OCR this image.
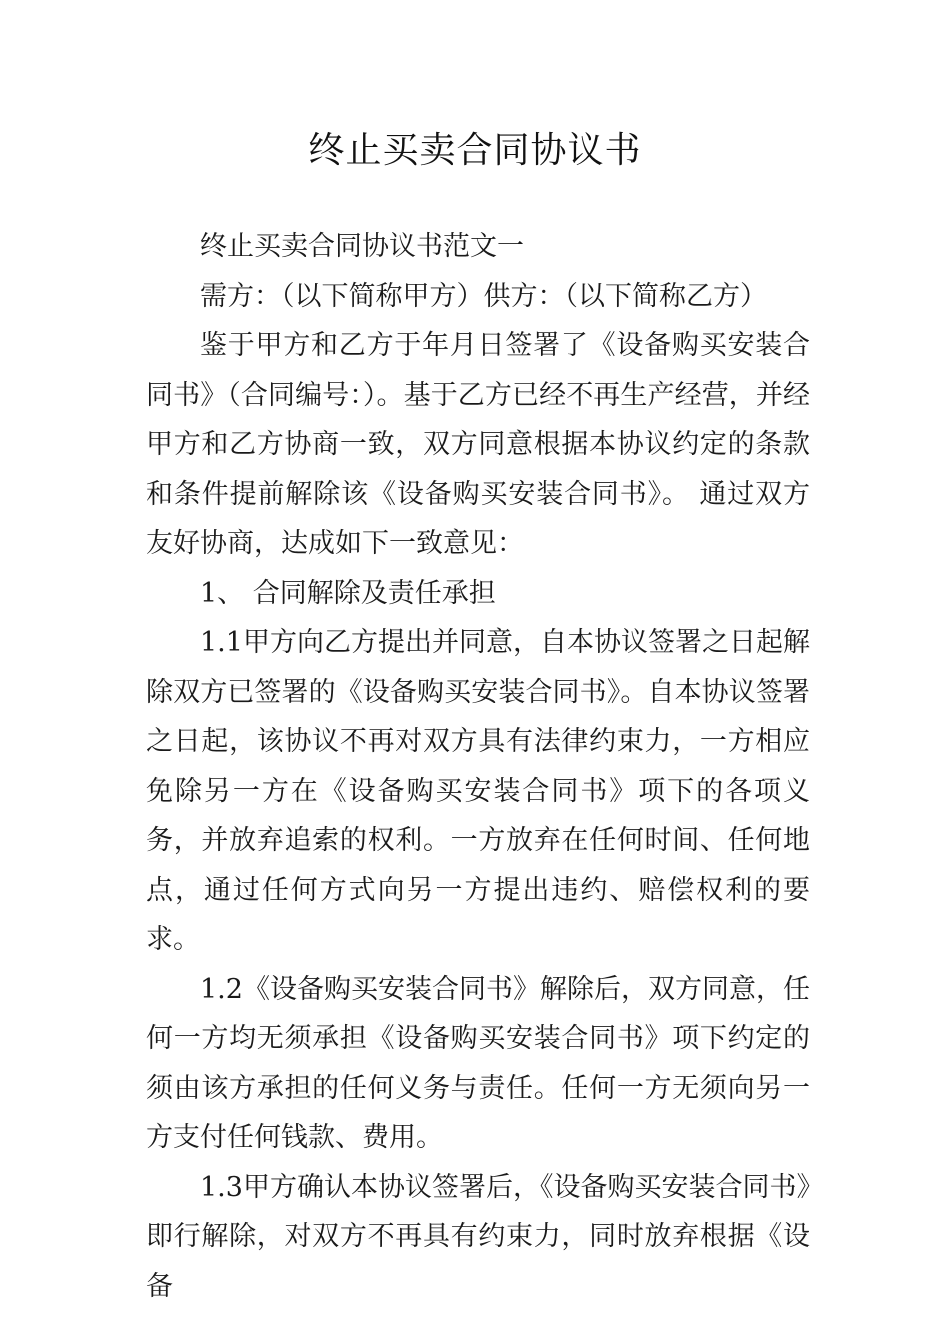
终止买卖合同协议书

终止买卖合同协议书范文一

需方：（以下简称甲方）供方：（以下简称乙方）

鉴于甲方和乙方于年月日签署了《设备购买安装合同书》（合同编号：）。基于乙方已经不再生产经营，并经甲方和乙方协商一致，双方同意根据本协议约定的条款和条件提前解除该《设备购买安装合同书》。 通过双方友好协商，达成如下一致意见：

1、 合同解除及责任承担

1.1甲方向乙方提出并同意，自本协议签署之日起解除双方已签署的《设备购买安装合同书》。自本协议签署之日起，该协议不再对双方具有法律约束力，一方相应免除另一方在《设备购买安装合同书》项下的各项义务，并放弃追索的权利。一方放弃在任何时间、任何地点，通过任何方式向另一方提出违约、赔偿权利的要求。

1.2《设备购买安装合同书》解除后，双方同意，任何一方均无须承担《设备购买安装合同书》项下约定的须由该方承担的任何义务与责任。任何一方无须向另一方支付任何钱款、费用。

1.3甲方确认本协议签署后，《设备购买安装合同书》即行解除，对双方不再具有约束力，同时放弃根据《设备
